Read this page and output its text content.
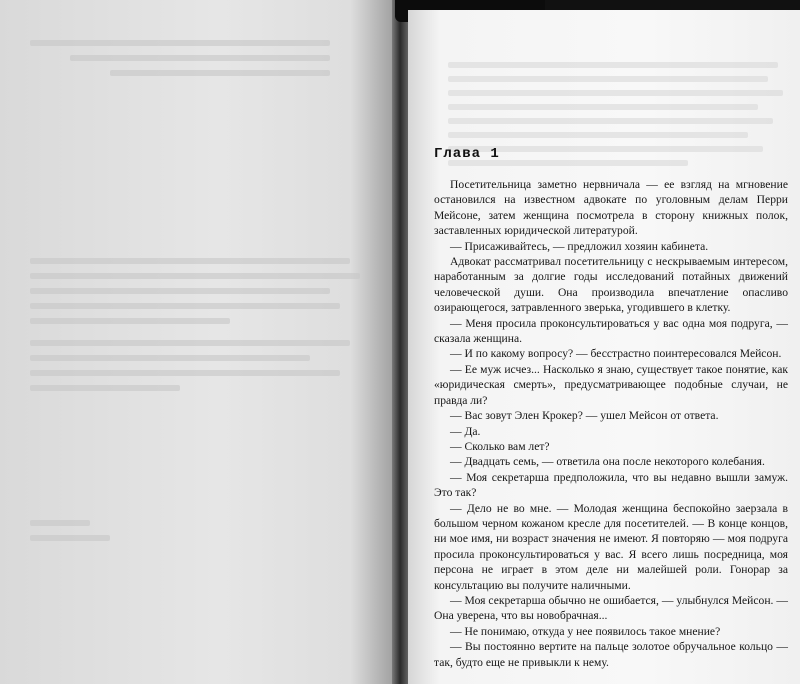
Глава 1

Посетительница заметно нервничала — ее взгляд на мгновение остановился на известном адвокате по уголовным делам Перри Мейсоне, затем женщина посмотрела в сторону книжных полок, заставленных юридической литературой.

— Присаживайтесь, — предложил хозяин кабинета.

Адвокат рассматривал посетительницу с нескрываемым интересом, наработанным за долгие годы исследований потайных движений человеческой души. Она производила впечатление опасливо озирающегося, затравленного зверька, угодившего в клетку.

— Меня просила проконсультироваться у вас одна моя подруга, — сказала женщина.

— И по какому вопросу? — бесстрастно поинтересовался Мейсон.

— Ее муж исчез... Насколько я знаю, существует такое понятие, как «юридическая смерть», предусматривающее подобные случаи, не правда ли?

— Вас зовут Элен Крокер? — ушел Мейсон от ответа.

— Да.

— Сколько вам лет?

— Двадцать семь, — ответила она после некоторого колебания.

— Моя секретарша предположила, что вы недавно вышли замуж. Это так?

— Дело не во мне. — Молодая женщина беспокойно заерзала в большом черном кожаном кресле для посетителей. — В конце концов, ни мое имя, ни возраст значения не имеют. Я повторяю — моя подруга просила проконсультироваться у вас. Я всего лишь посредница, моя персона не играет в этом деле ни малейшей роли. Гонорар за консультацию вы получите наличными.

— Моя секретарша обычно не ошибается, — улыбнулся Мейсон. — Она уверена, что вы новобрачная...

— Не понимаю, откуда у нее появилось такое мнение?

— Вы постоянно вертите на пальце золотое обручальное кольцо — так, будто еще не привыкли к нему.
